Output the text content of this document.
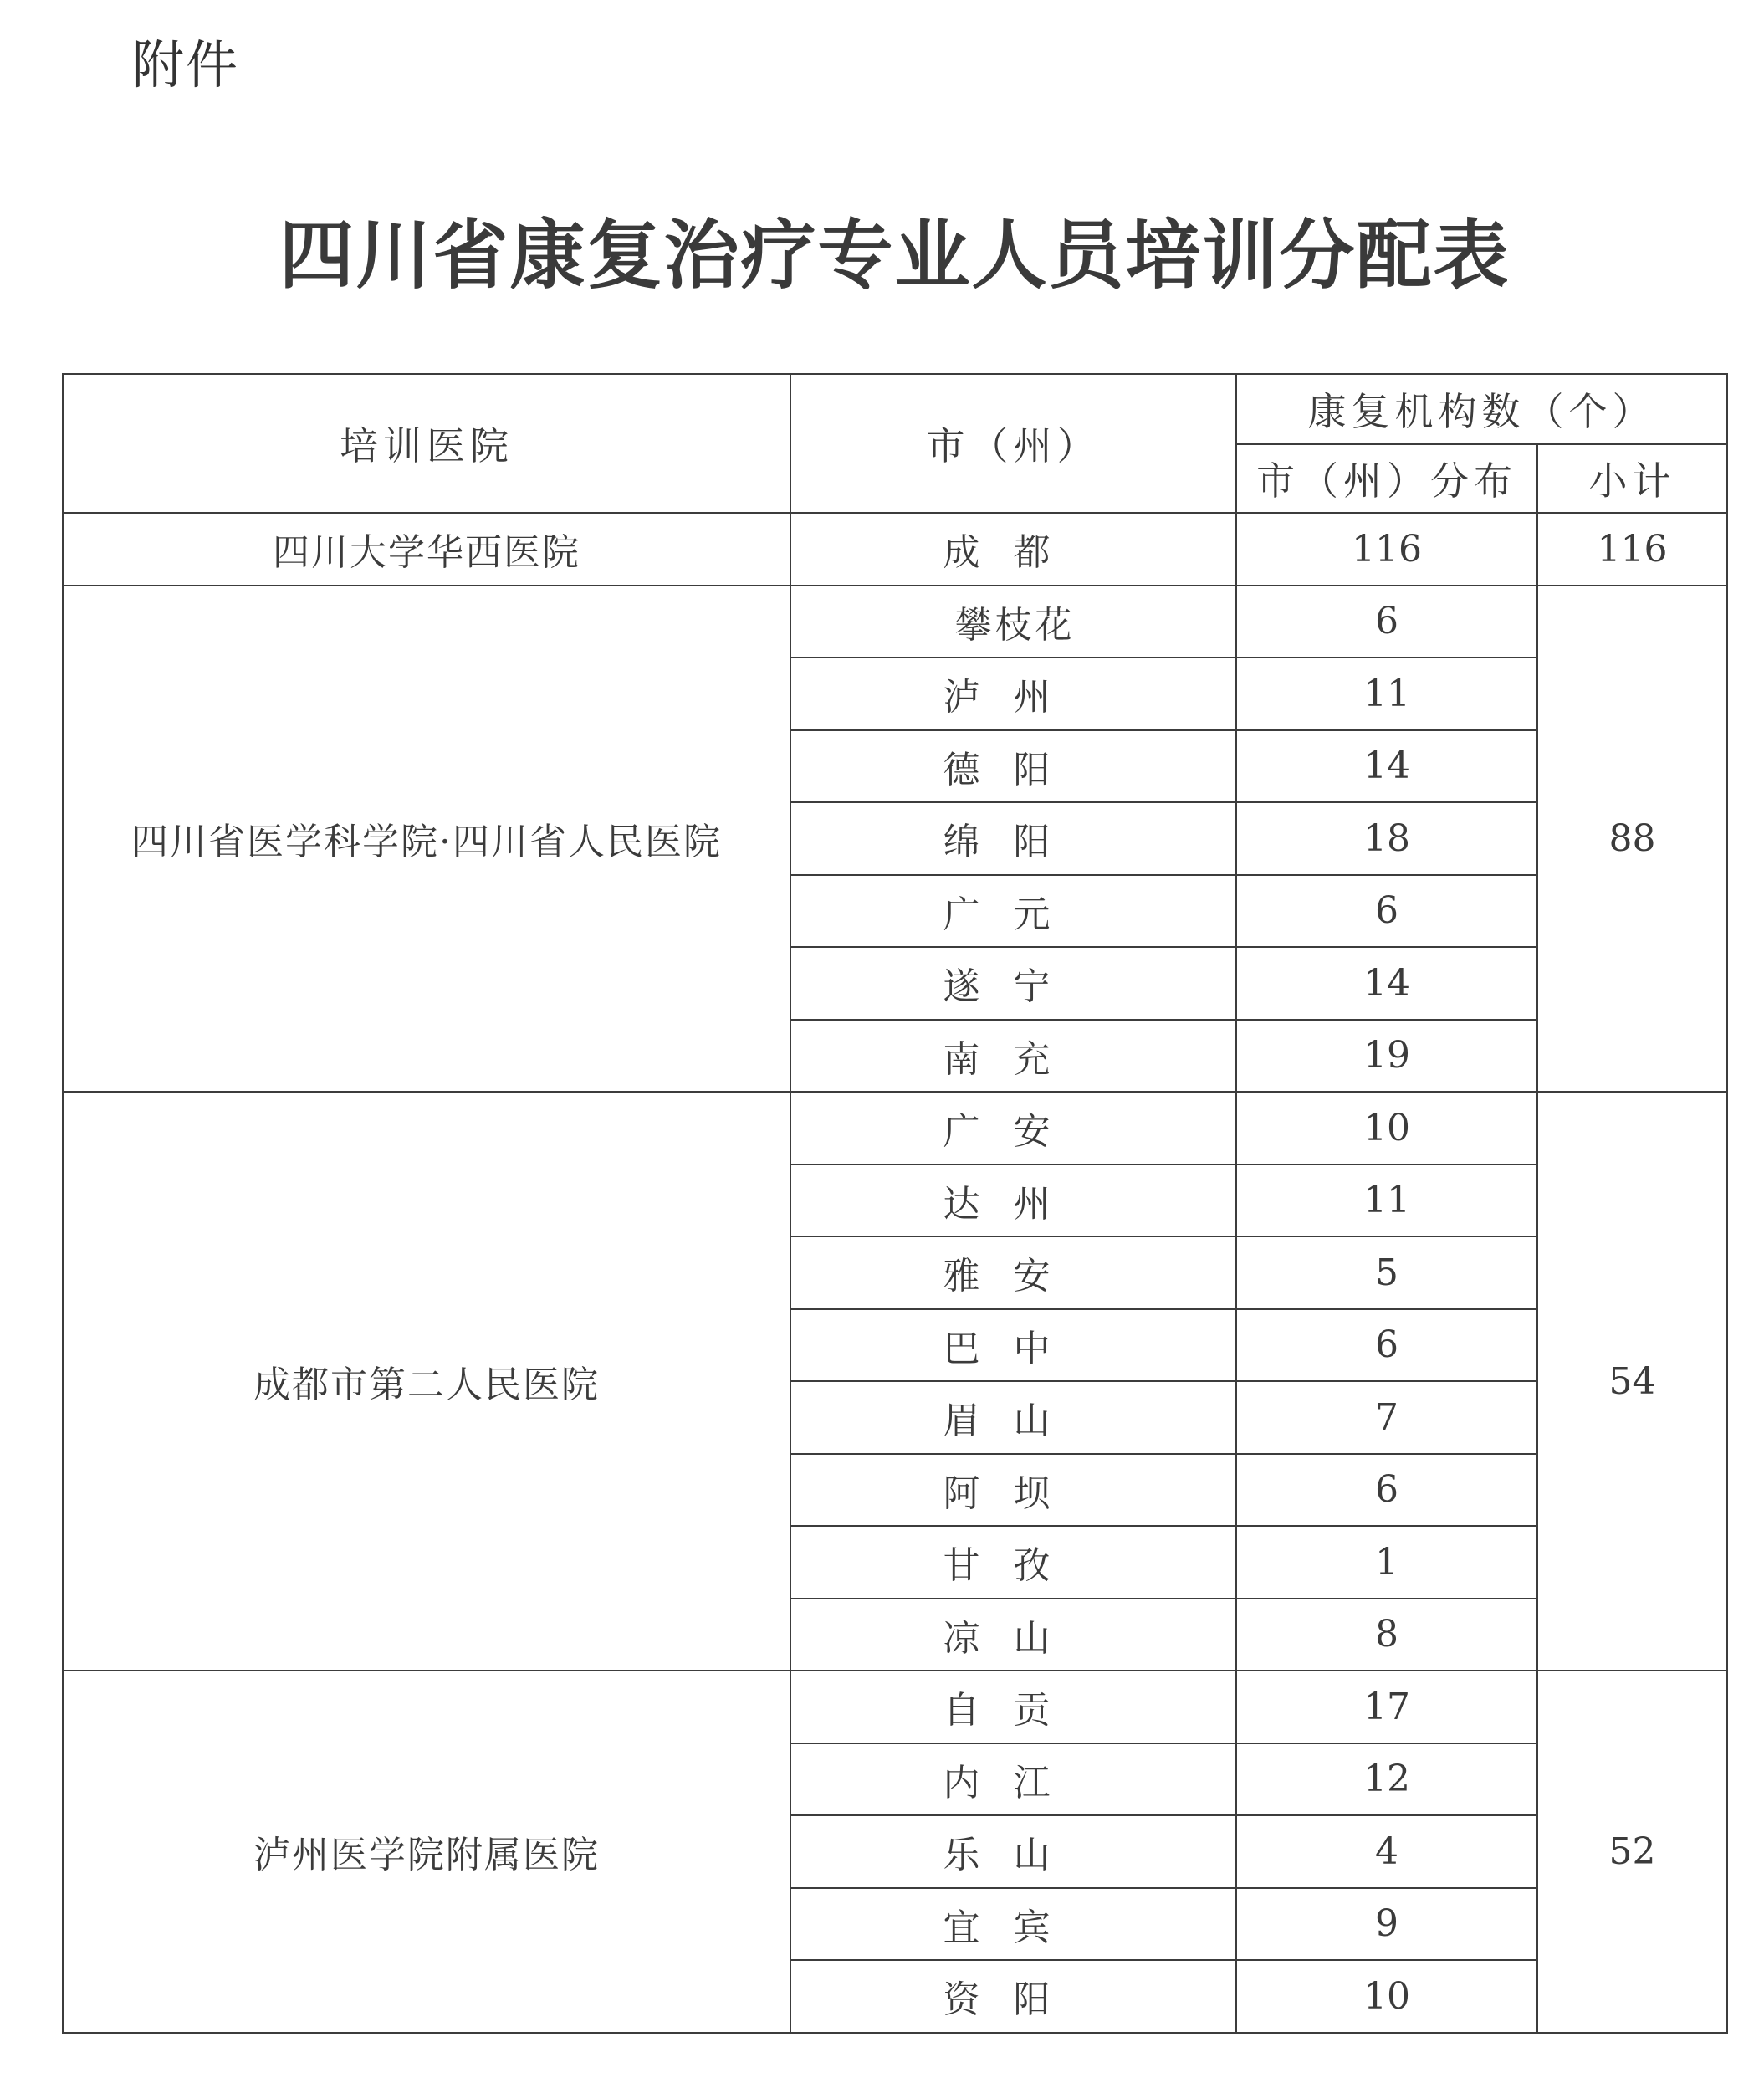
附件
四川省康复治疗专业人员培训分配表
培训医院	市（州）	康复机构数（个）	
		市（州）分布	小计
四川大学华西医院	成都	116	116
四川省医学科学院·四川省人民医院	攀枝花	6	88
	泸州	11	
	德阳	14	
	绵阳	18	
	广元	6	
	遂宁	14	
	南充	19	
成都市第二人民医院	广安	10	54
	达州	11	
	雅安	5	
	巴中	6	
	眉山	7	
	阿坝	6	
	甘孜	1	
	凉山	8	
泸州医学院附属医院	自贡	17	52
	内江	12	
	乐山	4	
	宜宾	9	
	资阳	10	
